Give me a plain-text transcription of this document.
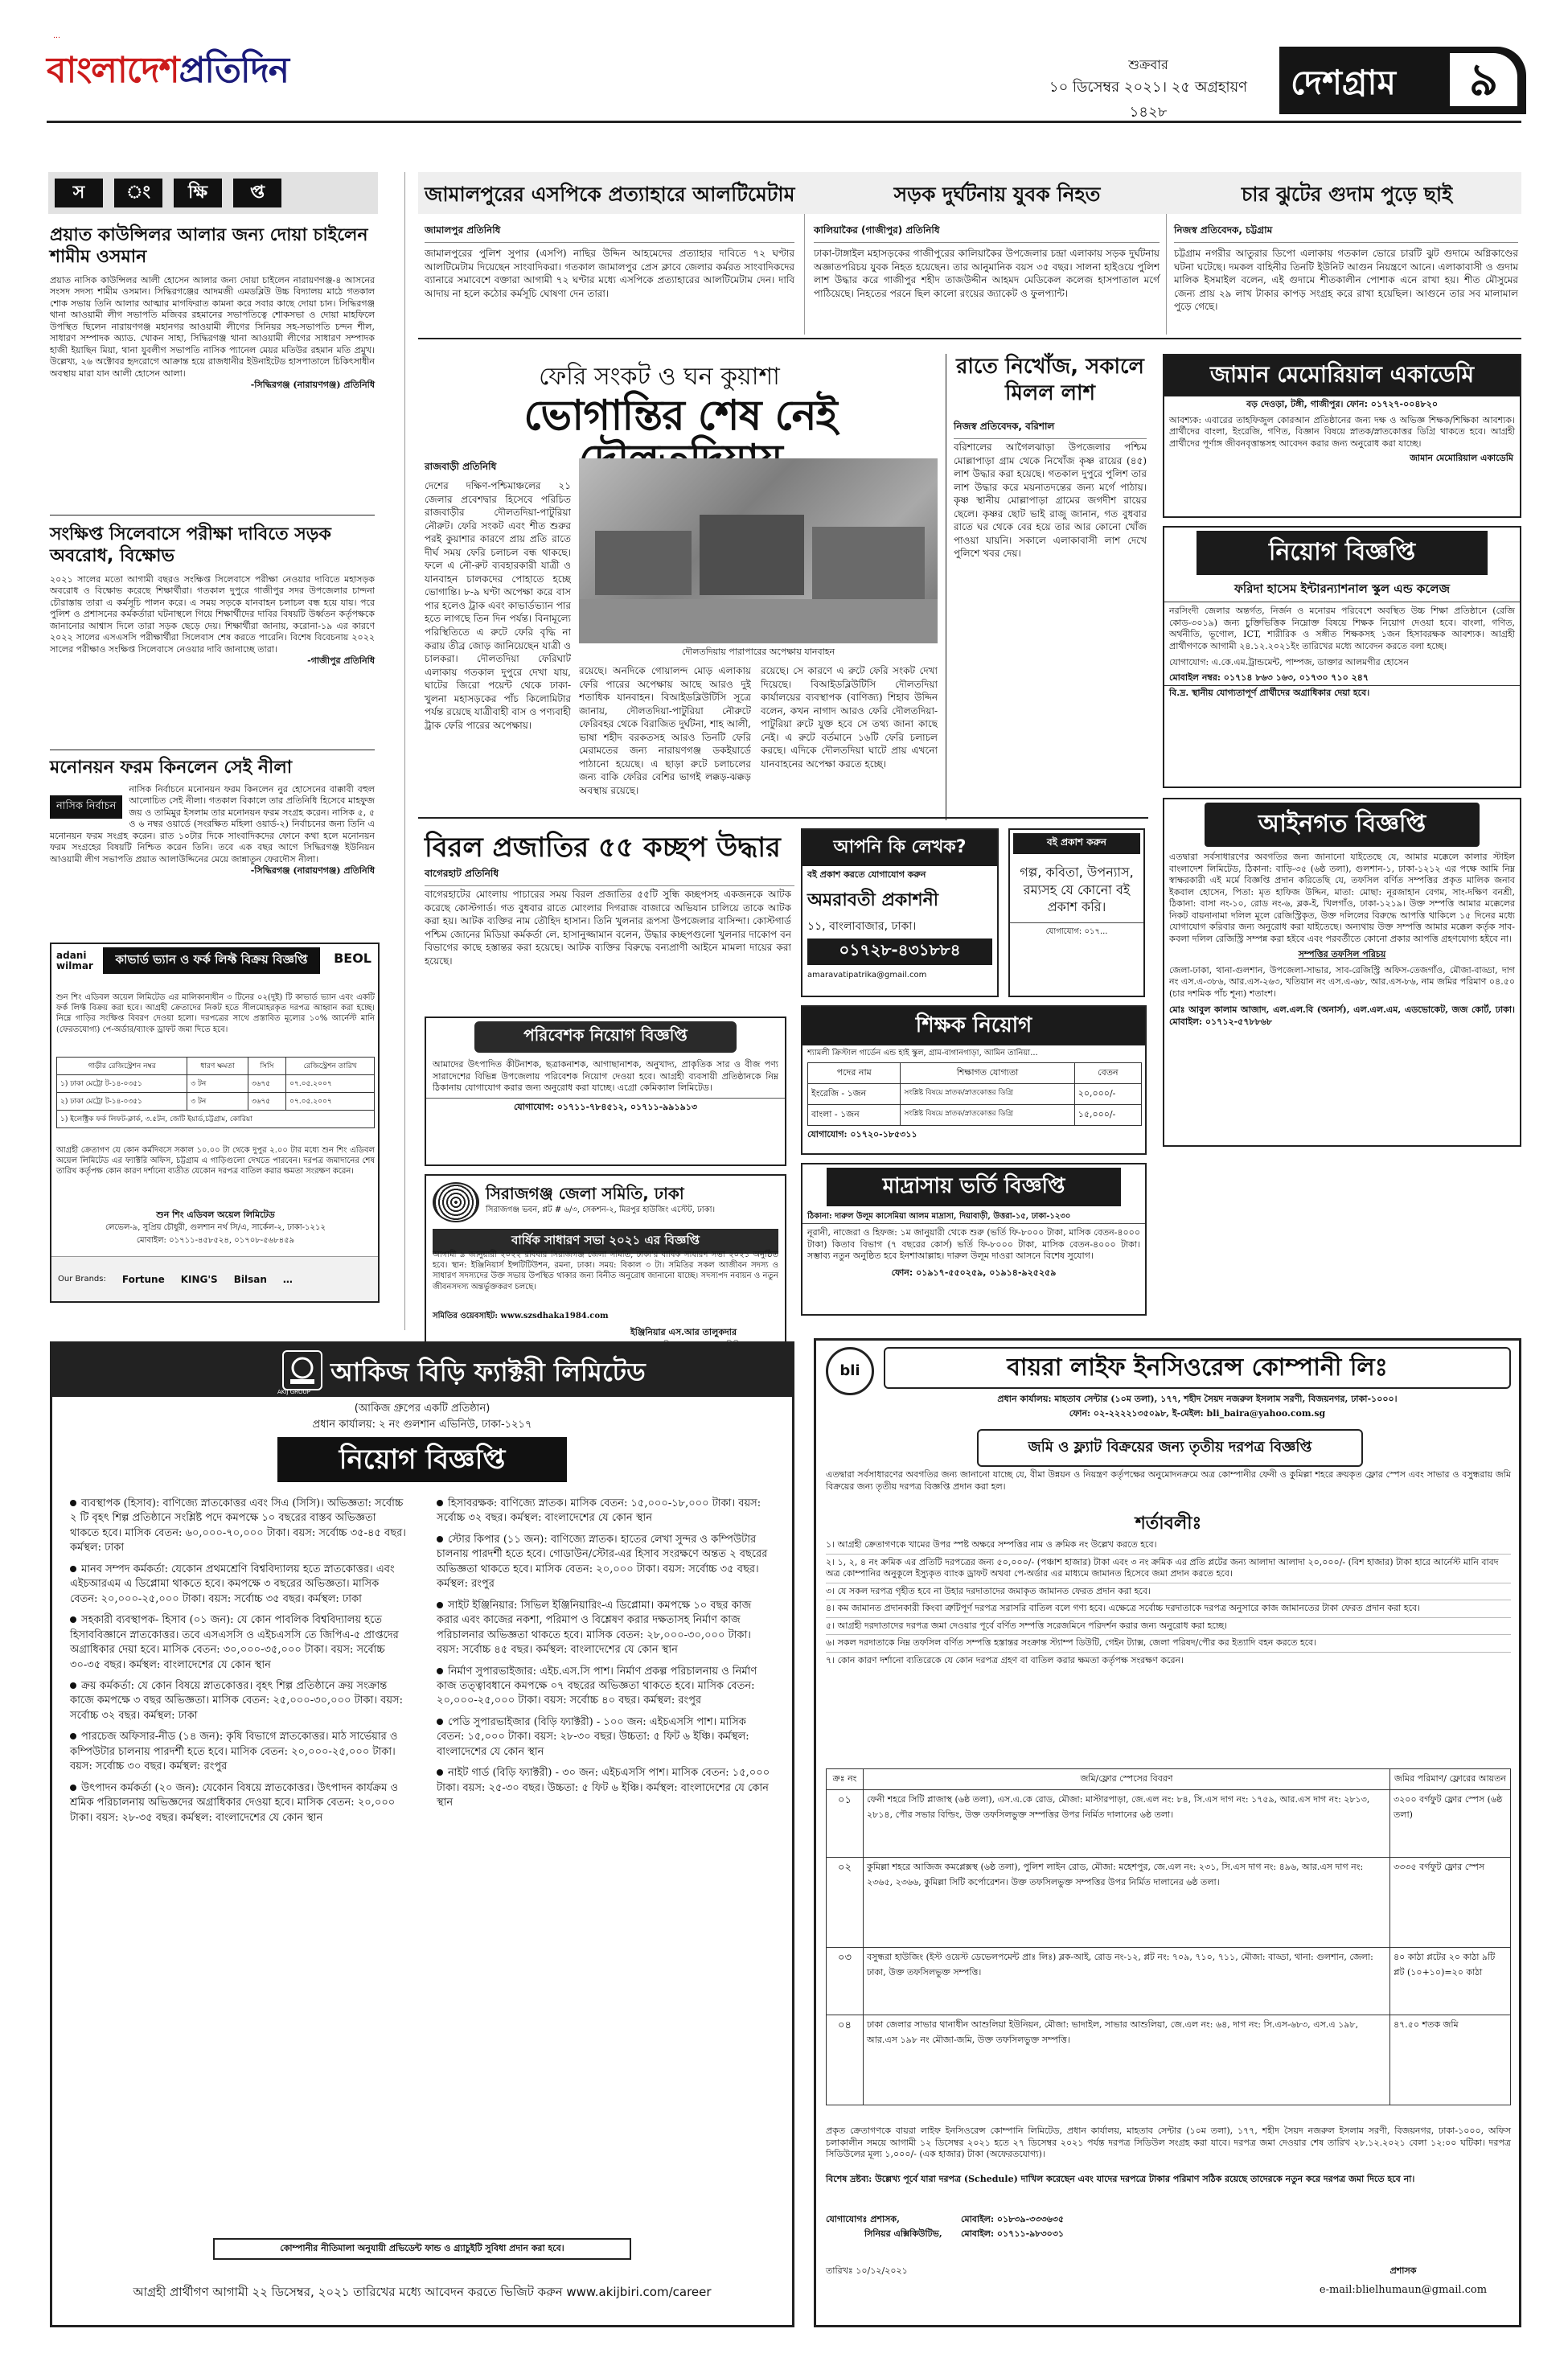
…
বাংলাদেশপ্রতিদিন	শুক্রবার
১০ ডিসেম্বর ২০২১। ২৫ অগ্রহায়ণ ১৪২৮
দেশগ্রাম	৯
স	ং	ক্ষি	প্ত
প্রয়াত কাউন্সিলর আলার জন্য দোয়া চাইলেন শামীম ওসমান
প্রয়াত নাসিক কাউন্সিলর আলী হোসেন আলার জন্য দোয়া চাইলেন নারায়ণগঞ্জ-৪ আসনের সংসদ সদস্য শামীম ওসমান। সিদ্ধিরগঞ্জের আদমজী এমডব্লিউ উচ্চ বিদ্যালয় মাঠে গতকাল শোক সভায় তিনি আলার আত্মার মাগফিরাত কামনা করে সবার কাছে দোয়া চান। সিদ্ধিরগঞ্জ থানা আওয়ামী লীগ সভাপতি মজিবর রহমানের সভাপতিত্বে শোকসভা ও দোয়া মাহফিলে উপস্থিত ছিলেন নারায়ণগঞ্জ মহানগর আওয়ামী লীগের সিনিয়র সহ-সভাপতি চন্দন শীল, সাধারণ সম্পাদক অ্যাড. খোকন সাহা, সিদ্ধিরগঞ্জ থানা আওয়ামী লীগের সাধারণ সম্পাদক হাজী ইয়াছিন মিয়া, থানা যুবলীগ সভাপতি নাসিক প্যানেল মেয়র মতিউর রহমান মতি প্রমুখ। উল্লেখ্য, ২৬ অক্টোবর হৃদরোগে আক্রান্ত হয়ে রাজধানীর ইউনাইটেড হাসপাতালে চিকিৎসাধীন অবস্থায় মারা যান আলী হোসেন আলা।
-সিদ্ধিরগঞ্জ (নারায়ণগঞ্জ) প্রতিনিধি
সংক্ষিপ্ত সিলেবাসে পরীক্ষা দাবিতে সড়ক অবরোধ, বিক্ষোভ
২০২১ সালের মতো আগামী বছরও সংক্ষিপ্ত সিলেবাসে পরীক্ষা নেওয়ার দাবিতে মহাসড়ক অবরোধ ও বিক্ষোভ করেছে শিক্ষার্থীরা। গতকাল দুপুরে গাজীপুর সদর উপজেলার চান্দনা চৌরাস্তায় তারা এ কর্মসূচি পালন করে। এ সময় সড়কে যানবাহন চলাচল বন্ধ হয়ে যায়। পরে পুলিশ ও প্রশাসনের কর্মকর্তারা ঘটনাস্থলে গিয়ে শিক্ষার্থীদের দাবির বিষয়টি উর্ধ্বতন কর্তৃপক্ষকে জানানোর আশ্বাস দিলে তারা সড়ক ছেড়ে দেয়। শিক্ষার্থীরা জানায়, করোনা-১৯ এর কারণে ২০২২ সালের এসএসসি পরীক্ষার্থীরা সিলেবাস শেষ করতে পারেনি। বিশেষ বিবেচনায় ২০২২ সালের পরীক্ষাও সংক্ষিপ্ত সিলেবাসে নেওয়ার দাবি জানাচ্ছে তারা।
-গাজীপুর প্রতিনিধি
মনোনয়ন ফরম কিনলেন সেই নীলা
নাসিক নির্বাচন
নাসিক নির্বাচনে মনোনয়ন ফরম কিনলেন নুর হোসেনের বাক্কাবী বহুল আলোচিত সেই নীলা। গতকাল বিকালে তার প্রতিনিধি হিসেবে মাহফুজ জয় ও তামিমুর ইসলাম তার মনোনয়ন ফরম সংগ্রহ করেন। নাসিক ৫, ৫ ও ৬ নম্বর ওয়ার্ডে (সংরক্ষিত মহিলা ওয়ার্ড-২) নির্বাচনের জন্য তিনি এ মনোনয়ন ফরম সংগ্রহ করেন। রাত ১০টার দিকে সাংবাদিকদের ফোনে কথা হলে মনোনয়ন ফরম সংগ্রহের বিষয়টি নিশ্চিত করেন তিনি। তবে এক বছর আগে সিদ্ধিরগঞ্জ ইউনিয়ন আওয়ামী লীগ সভাপতি প্রয়াত আলাউদ্দিনের মেয়ে জান্নাতুন ফেরদৌস নীলা।
-সিদ্ধিরগঞ্জ (নারায়ণগঞ্জ) প্রতিনিধি
adani wilmar
BEOL
কাভার্ড ভ্যান ও ফর্ক লিফ্ট বিক্রয় বিজ্ঞপ্তি
শুন শিং এডিবল অয়েল লিমিটেড এর মালিকানাধীন ৩ টিনের ০২(দুই) টি কাভার্ড ভ্যান এবং একটি ফর্ক লিফ্ট বিক্রয় করা হবে। আগ্রহী ক্রেতাদের নিকট হতে সীলমোহরকৃত দরপত্র আহ্বান করা হচ্ছে। নিম্নে গাড়ির সংক্ষিপ্ত বিবরণ দেওয়া হলো। দরপত্রের সাথে প্রস্তাবিত মূল্যের ১০% আর্নেস্ট মানি (ফেরতযোগ্য) পে-অর্ডার/ব্যাংক ড্রাফট জমা দিতে হবে।
গাড়ীর রেজিস্ট্রেশন নম্বর	ধারণ ক্ষমতা	সিসি	রেজিস্ট্রেশন তারিখ
১) ঢাকা মেট্রো ট-১৪-০৩৫১	৩ টন	৩৬৭৫	০৭.০৫.২০০৭
২) ঢাকা মেট্রো ট-১৪-০৩৫১	৩ টন	৩৬৭৫	০৭.০৫.২০০৭
১) ইলেক্ট্রিক ফর্ক লিফট-ক্লার্ক, ৩.৫টন, জেটি ইয়ার্ড,চট্টগ্রাম, কোরিয়া			
আগ্রহী ক্রেতাগণ যে কোন কর্মদিবসে সকাল ১০.০০ টা থেকে দুপুর ২.০০ টার মধ্যে শুন শিং এডিবল অয়েল লিমিটেড এর ফ্যাক্টরি অফিস, চট্টগ্রাম এ গাড়িগুলো দেখতে পারবেন। দরপত্র জমাদানের শেষ তারিখ কর্তৃপক্ষ কোন কারণ দর্শানো ব্যতীত যেকোন দরপত্র বাতিল করার ক্ষমতা সংরক্ষণ করেন।
শুন শিং এডিবল অয়েল লিমিটেড
লেভেল-৯, সুপ্রিয় চৌধুরী, গুলশান নর্থ সি/এ, সার্কেল-২, ঢাকা-১২১২
মোবাইল: ০১৭১১-৪৫৮৫২৪, ০১৭০৮-৫৬৮৪৫৯
Our Brands: Fortune KING'S Bilsan …
জামালপুরের এসপিকে প্রত্যাহারে আলটিমেটাম	সড়ক দুর্ঘটনায় যুবক নিহত	চার ঝুটের গুদাম পুড়ে ছাই
জামালপুর প্রতিনিধি
জামালপুরের পুলিশ সুপার (এসপি) নাছির উদ্দিন আহমেদের প্রত্যাহার দাবিতে ৭২ ঘণ্টার আলটিমেটাম দিয়েছেন সাংবাদিকরা। গতকাল জামালপুর প্রেস ক্লাবে জেলার কর্মরত সাংবাদিকদের ব্যানারে সমাবেশে বক্তারা আগামী ৭২ ঘণ্টার মধ্যে এসপিকে প্রত্যাহারের আলটিমেটাম দেন। দাবি আদায় না হলে কঠোর কর্মসূচি ঘোষণা দেন তারা।
কালিয়াকৈর (গাজীপুর) প্রতিনিধি
ঢাকা-টাঙ্গাইল মহাসড়কের গাজীপুরের কালিয়াকৈর উপজেলার চন্দ্রা এলাকায় সড়ক দুর্ঘটনায় অজ্ঞাতপরিচয় যুবক নিহত হয়েছেন। তার আনুমানিক বয়স ৩৫ বছর। সালনা হাইওয়ে পুলিশ লাশ উদ্ধার করে গাজীপুর শহীদ তাজউদ্দীন আহমদ মেডিকেল কলেজ হাসপাতাল মর্গে পাঠিয়েছে। নিহতের পরনে ছিল কালো রংয়ের জ্যাকেট ও ফুলপ্যান্ট।
নিজস্ব প্রতিবেদক, চট্টগ্রাম
চট্টগ্রাম নগরীর আতুরার ডিপো এলাকায় গতকাল ভোরে চারটি ঝুট গুদামে অগ্নিকাণ্ডের ঘটনা ঘটেছে। দমকল বাহিনীর তিনটি ইউনিট আগুন নিয়ন্ত্রণে আনে। এলাকাবাসী ও গুদাম মালিক ইসমাইল বলেন, এই গুদামে শীতকালীন পোশাক এনে রাখা হয়। শীত মৌসুমের জেন্য প্রায় ২৯ লাখ টাকার কাপড় সংগ্রহ করে রাখা হয়েছিল। আগুনে তার সব মালামাল পুড়ে গেছে।
ফেরি সংকট ও ঘন কুয়াশা
ভোগান্তির শেষ নেই
রাজবাড়ী প্রতিনিধি
দৌলতদিয়ায় পারাপারের অপেক্ষায় যানবাহন
দেশের দক্ষিণ-পশ্চিমাঞ্চলের ২১ জেলার প্রবেশদ্বার হিসেবে পরিচিত রাজবাড়ীর দৌলতদিয়া-পাটুরিয়া নৌরুট। ফেরি সংকট এবং শীত শুরুর পরই কুয়াশার কারণে প্রায় প্রতি রাতে দীর্ঘ সময় ফেরি চলাচল বন্ধ থাকছে। ফলে এ নৌ-রুট ব্যবহারকারী যাত্রী ও যানবাহন চালকদের পোহাতে হচ্ছে ভোগান্তি। ৮-৯ ঘণ্টা অপেক্ষা করে বাস পার হলেও ট্রাক এবং কাভার্ডভ্যান পার হতে লাগছে তিন দিন পর্যন্ত। বিনামূল্যে পরিস্থিতিতে এ রুটে ফেরি বৃদ্ধি না করায় তীব্র জোড় জানিয়েছেন যাত্রী ও চালকরা। দৌলতদিয়া ফেরিঘাট এলাকায় গতকাল দুপুরে দেখা যায়, ঘাটের জিরো পয়েন্ট থেকে ঢাকা-খুলনা মহাসড়কের পাঁচ কিলোমিটার পর্যন্ত রয়েছে যাত্রীবাহী বাস ও পণ্যবাহী ট্রাক ফেরি পারের অপেক্ষায়।
রয়েছে। অনদিকে গোয়ালন্দ মোড় এলাকায় ফেরি পারের অপেক্ষায় আছে আরও দুই শতাধিক যানবাহন। বিআইডব্লিউটিসি সূত্রে জানায়, দৌলতদিয়া-পাটুরিয়া নৌরুটে ফেরিবহর থেকে বিরাজিত দুর্ঘটনা, শাহ আলী, ভাষা শহীদ বরকতসহ আরও তিনটি ফেরি মেরামতের জন্য নারায়ণগঞ্জ ডকইয়ার্ডে পাঠানো হয়েছে। এ ছাড়া রুটে চলাচলের জন্য বাকি ফেরির বেশির ভাগই লক্কড়-ঝক্কড় অবস্থায় রয়েছে।
রয়েছে। সে কারণে এ রুটে ফেরি সংকট দেখা দিয়েছে। বিআইডব্লিউটিসি দৌলতদিয়া কার্যালয়ের ব্যবস্থাপক (বাণিজ্য) শিহাব উদ্দিন বলেন, কখন নাগাদ আরও ফেরি দৌলতদিয়া-পাটুরিয়া রুটে যুক্ত হবে সে তথ্য জানা কাছে নেই। এ রুটে বর্তমানে ১৬টি ফেরি চলাচল করছে। এদিকে দৌলতদিয়া ঘাটে প্রায় এখনো যানবাহনের অপেক্ষা করতে হচ্ছে।
রাতে নিখোঁজ, সকালে মিলল লাশ
নিজস্ব প্রতিবেদক, বরিশাল
বরিশালের আগৈলঝাড়া উপজেলার পশ্চিম মোল্লাপাড়া গ্রাম থেকে নিখোঁজ কৃষ্ণ রায়ের (৪৫) লাশ উদ্ধার করা হয়েছে। গতকাল দুপুরে পুলিশ তার লাশ উদ্ধার করে ময়নাতদন্তের জন্য মর্গে পাঠায়। কৃষ্ণ স্থানীয় মোল্লাপাড়া গ্রামের জগদীশ রায়ের ছেলে। কৃষ্ণর ছোট ভাই রাজু জানান, গত বুধবার রাতে ঘর থেকে বের হয়ে তার আর কোনো খোঁজ পাওয়া যায়নি। সকালে এলাকাবাসী লাশ দেখে পুলিশে খবর দেয়।
বিরল প্রজাতির ৫৫ কচ্ছপ উদ্ধার
বাগেরহাট প্রতিনিধি
বাগেরহাটের মোংলায় পাচারের সময় বিরল প্রজাতির ৫৫টি সুন্ধি কচ্ছপসহ একজনকে আটক করেছে কোস্টগার্ড। গত বুধবার রাতে মোংলার দিগরাজ বাজারে অভিযান চালিয়ে তাকে আটক করা হয়। আটক ব্যক্তির নাম তৌহিদ হাসান। তিনি খুলনার রূপসা উপজেলার বাসিন্দা। কোস্টগার্ড পশ্চিম জোনের মিডিয়া কর্মকর্তা লে. হাসানুজ্জামান বলেন, উদ্ধার কচ্ছপগুলো খুলনার দাকোপ বন বিভাগের কাছে হস্তান্তর করা হয়েছে। আটক ব্যক্তির বিরুদ্ধে বন্যপ্রাণী আইনে মামলা দায়ের করা হয়েছে।
আপনি কি লেখক?
বই প্রকাশ করতে যোগাযোগ করুন
অমরাবতী প্রকাশনী
১১, বাংলাবাজার, ঢাকা।
০১৭২৮-৪৩১৮৮৪
amaravatipatrika@gmail.com
বই প্রকাশ করুন
গল্প, কবিতা, উপন্যাস, রম্যসহ যে কোনো বই প্রকাশ করি।
যোগাযোগ: ০১৭...
শিক্ষক নিয়োগ
শ্যামলী ক্রিস্টাল গার্ডেন এন্ড হাই স্কুল, গ্রাম-বাগানগাড়া, আমিন তানিয়া...
পদের নাম	শিক্ষাগত যোগ্যতা	বেতন
ইংরেজি - ১জন	সংশ্লিষ্ট বিষয়ে স্নাতক/স্নাতকোত্তর ডিগ্রি	২০,০০০/-
বাংলা - ১জন	সংশ্লিষ্ট বিষয়ে স্নাতক/স্নাতকোত্তর ডিগ্রি	১৫,০০০/-
যোগাযোগ: ০১৭২০-১৮৫৩১১
পরিবেশক নিয়োগ বিজ্ঞপ্তি
আমাদের উৎপাদিত কীটনাশক, ছত্রাকনাশক, আগাছানাশক, অনুখাদ্য, প্রাকৃতিক সার ও বীজ পণ্য সারাদেশের বিভিন্ন উপজেলায় পরিবেশক নিয়োগ দেওয়া হবে। আগ্রহী ব্যবসায়ী প্রতিষ্ঠানকে নিম্ন ঠিকানায় যোগাযোগ করার জন্য অনুরোধ করা যাচ্ছে। এগ্রো কেমিক্যাল লিমিটেড।
যোগাযোগ: ০১৭১১-৭৮৪৫১২, ০১৭১১-৯৯১৯১৩
সিরাজগঞ্জ জেলা সমিতি, ঢাকা
সিরাজগঞ্জ ভবন, প্লট # ৬/৩, সেকশন-২, মিরপুর হাউজিং এস্টেট, ঢাকা।
বার্ষিক সাধারণ সভা ২০২১ এর বিজ্ঞপ্তি
আগামী ৯ জানুয়ারী ২০২২ রবিবার সিরাজগঞ্জ জেলা সমিতি, ঢাকা'র বার্ষিক সাধারণ সভা ২০২১ অনুষ্ঠিত হবে। স্থান: ইঞ্জিনিয়ার্স ইন্সটিটিউশন, রমনা, ঢাকা। সময়: বিকাল ৩ টা। সমিতির সকল আজীবন সদস্য ও সাধারণ সদস্যদের উক্ত সভায় উপস্থিত থাকার জন্য বিনীত অনুরোধ জানানো যাচ্ছে। সদস্যপদ নবায়ন ও নতুন জীবনসদস্য অন্তর্ভুক্তকরণ চলছে।
সমিতির ওয়েবসাইট: www.szsdhaka1984.com
ইঞ্জিনিয়ার এস.আর তালুকদার
মাদ্রাসায় ভর্তি বিজ্ঞপ্তি
ঠিকানা: দারুল উলূম কাসেমিয়া আলম মাদ্রাসা, দিয়াবাড়ী, উত্তরা-১৫, ঢাকা-১২৩০
নূরানী, নাজেরা ও হিফজ: ১ম জানুয়ারী থেকে শুরু (ভর্তি ফি-৮০০০ টাকা, মাসিক বেতন-৪০০০ টাকা) কিতাব বিভাগ (৭ বছরের কোর্স) ভর্তি ফি-৮০০০ টাকা, মাসিক বেতন-৪০০০ টাকা। সম্ভাব্য নতুন অনুষ্ঠিত হবে ইনশাআল্লাহ। দারুল উলূম দাওরা আসনে বিশেষ সুযোগ।
ফোন: ০১৯১৭-৫৫০২৫৯, ০১৯১৪-৯২৫২৫৯
জামান মেমোরিয়াল একাডেমি
বড় দেওড়া, টঙ্গী, গাজীপুর। ফোন: ০১৭২৭-০০৪৮২০
আবশ্যক: এবারের তাহফিজুল কোরআন প্রতিষ্ঠানের জন্য দক্ষ ও অভিজ্ঞ শিক্ষক/শিক্ষিকা আবশ্যক। প্রার্থীদের বাংলা, ইংরেজি, গণিত, বিজ্ঞান বিষয়ে স্নাতক/স্নাতকোত্তর ডিগ্রি থাকতে হবে। আগ্রহী প্রার্থীদের পূর্ণাঙ্গ জীবনবৃত্তান্তসহ আবেদন করার জন্য অনুরোধ করা যাচ্ছে।
জামান মেমোরিয়াল একাডেমি
নিয়োগ বিজ্ঞপ্তি
ফরিদা হাসেম ইন্টারন্যাশনাল স্কুল এন্ড কলেজ
নরসিংদী জেলার অন্তর্গত, নির্জন ও মনোরম পরিবেশে অবস্থিত উচ্চ শিক্ষা প্রতিষ্ঠানে (রেজি কোড-৩০১৯) জন্য চুক্তিভিত্তিক নিম্নোক্ত বিষয়ে শিক্ষক নিয়োগ দেওয়া হবে। বাংলা, গণিত, অর্থনীতি, ভূগোল, ICT, শারীরিক ও সঙ্গীত শিক্ষকসহ ১জন হিসাবরক্ষক আবশ্যক। আগ্রহী প্রার্থীগণকে আগামী ২৪.১২.২০২১ইং তারিখের মধ্যে আবেদন করতে বলা হচ্ছে।
যোগাযোগ: এ.কে.এম.ট্রান্ডমেন্ট, পাম্পজ, ডাক্তার আলমগীর হোসেন
মোবাইল নম্বর: ০১৭১৪ ৮৬৩ ১৬৩, ০১৭৩০ ৭১০ ২৪৭
বি.দ্র. স্থানীয় যোগ্যতাপূর্ণ প্রার্থীদের অগ্রাধিকার দেয়া হবে।
আইনগত বিজ্ঞপ্তি
এতদ্বারা সর্বসাধারণের অবগতির জন্য জানানো যাইতেছে যে, আমার মক্কেলে কালার স্টাইল বাংলাদেশ লিমিটেড, ঠিকানা: বাড়ি-৩৫ (৬ষ্ঠ তলা), গুলশান-১, ঢাকা-১২১২ এর পক্ষে আমি নিম্ন স্বাক্ষরকারী এই মর্মে বিজ্ঞপ্তি প্রদান করিতেছি যে, তফসিল বর্ণিত সম্পত্তির প্রকৃত মালিক জনাব ইকবাল হোসেন, পিতা: মৃত হাফিজ উদ্দিন, মাতা: মোছা: নূরজাহান বেগম, সাং-দক্ষিণ বনশ্রী, ঠিকানা: বাসা নং-১০, রোড নং-৬, ব্লক-ই, খিলগাঁও, ঢাকা-১২১৯। উক্ত সম্পত্তি আমার মক্কেলের নিকট বায়নানামা দলিল মূলে রেজিস্ট্রিকৃত, উক্ত দলিলের বিরুদ্ধে আপত্তি থাকিলে ১৫ দিনের মধ্যে যোগাযোগ করিবার জন্য অনুরোধ করা যাইতেছে। অন্যথায় উক্ত সম্পত্তি আমার মক্কেল কর্তৃক সাব-কবলা দলিল রেজিস্ট্রি সম্পন্ন করা হইবে এবং পরবর্তীতে কোনো প্রকার আপত্তি গ্রহণযোগ্য হইবে না।
সম্পত্তির তফসিল পরিচয়
জেলা-ঢাকা, থানা-গুলশান, উপজেলা-সাভার, সাব-রেজিস্ট্রি অফিস-তেজগাঁও, মৌজা-বাড্ডা, দাগ নং এস.এ-৩৮৬, আর.এস-২৬৩, খতিয়ান নং এস.এ-৬৮, আর.এস-৮৬, নাম জমির পরিমাণ ০৪.৫০ (চার দশমিক পাঁচ শূন্য) শতাংশ।
মোঃ আবুল কালাম আজাদ, এল.এল.বি (অনার্স), এল.এল.এম, এডভোকেট, জজ কোর্ট, ঢাকা। মোবাইল: ০১৭১২-৫৭৮৮৬৮
AKIJ GROUP
আকিজ বিড়ি ফ্যাক্টরী লিমিটেড
(আকিজ গ্রুপের একটি প্রতিষ্ঠান)
প্রধান কার্যালয়: ২ নং গুলশান এভিনিউ, ঢাকা-১২১৭
নিয়োগ বিজ্ঞপ্তি
ব্যবস্থাপক (হিসাব): বাণিজ্যে স্নাতকোত্তর এবং সিএ (সিসি)। অভিজ্ঞতা: সর্বোচ্চ ২ টি বৃহৎ শিল্প প্রতিষ্ঠানে সংশ্লিষ্ট পদে কমপক্ষে ১০ বছরের বাস্তব অভিজ্ঞতা থাকতে হবে। মাসিক বেতন: ৬০,০০০-৭০,০০০ টাকা। বয়স: সর্বোচ্চ ৩৫-৪৫ বছর। কর্মস্থল: ঢাকা
মানব সম্পদ কর্মকর্তা: যেকোন প্রথমশ্রেণি বিশ্ববিদ্যালয় হতে স্নাতকোত্তর। এবং এইচআরএম এ ডিপ্লোমা থাকতে হবে। কমপক্ষে ৩ বছরের অভিজ্ঞতা। মাসিক বেতন: ২০,০০০-২৫,০০০ টাকা। বয়স: সর্বোচ্চ ৩৫ বছর। কর্মস্থল: ঢাকা
সহকারী ব্যবস্থাপক- হিসাব (০১ জন): যে কোন পাবলিক বিশ্ববিদ্যালয় হতে হিসাববিজ্ঞানে স্নাতকোত্তর। তবে এসএসসি ও এইচএসসি তে জিপিএ-৫ প্রাপ্তদের অগ্রাধিকার দেয়া হবে। মাসিক বেতন: ৩০,০০০-৩৫,০০০ টাকা। বয়স: সর্বোচ্চ ৩০-৩৫ বছর। কর্মস্থল: বাংলাদেশের যে কোন স্থান
ক্রয় কর্মকর্তা: যে কোন বিষয়ে স্নাতকোত্তর। বৃহৎ শিল্প প্রতিষ্ঠানে ক্রয় সংক্রান্ত কাজে কমপক্ষে ৩ বছর অভিজ্ঞতা। মাসিক বেতন: ২৫,০০০-৩০,০০০ টাকা। বয়স: সর্বোচ্চ ৩২ বছর। কর্মস্থল: ঢাকা
পারচেজ অফিসার-নীড (১৪ জন): কৃষি বিভাগে স্নাতকোত্তর। মাঠ সার্ভেয়ার ও কম্পিউটার চালনায় পারদর্শী হতে হবে। মাসিক বেতন: ২০,০০০-২৫,০০০ টাকা। বয়স: সর্বোচ্চ ৩০ বছর। কর্মস্থল: রংপুর
উৎপাদন কর্মকর্তা (২০ জন): যেকোন বিষয়ে স্নাতকোত্তর। উৎপাদন কার্যক্রম ও শ্রমিক পরিচালনায় অভিজ্ঞদের অগ্রাধিকার দেওয়া হবে। মাসিক বেতন: ২০,০০০ টাকা। বয়স: ২৮-৩৫ বছর। কর্মস্থল: বাংলাদেশের যে কোন স্থান
হিসাবরক্ষক: বাণিজ্যে স্নাতক। মাসিক বেতন: ১৫,০০০-১৮,০০০ টাকা। বয়স: সর্বোচ্চ ৩২ বছর। কর্মস্থল: বাংলাদেশের যে কোন স্থান
স্টোর কিপার (১১ জন): বাণিজ্যে স্নাতক। হাতের লেখা সুন্দর ও কম্পিউটার চালনায় পারদর্শী হতে হবে। গোডাউন/স্টোর-এর হিসাব সংরক্ষণে অন্তত ২ বছরের অভিজ্ঞতা থাকতে হবে। মাসিক বেতন: ২০,০০০ টাকা। বয়স: সর্বোচ্চ ৩৫ বছর। কর্মস্থল: রংপুর
সাইট ইঞ্জিনিয়ার: সিভিল ইঞ্জিনিয়ারিং-এ ডিপ্লোমা। কমপক্ষে ১০ বছর কাজ করার এবং কাজের নকশা, পরিমাপ ও বিশ্লেষণ করার দক্ষতাসহ নির্মাণ কাজ পরিচালনার অভিজ্ঞতা থাকতে হবে। মাসিক বেতন: ২৮,০০০-৩০,০০০ টাকা। বয়স: সর্বোচ্চ ৪৫ বছর। কর্মস্থল: বাংলাদেশের যে কোন স্থান
নির্মাণ সুপারভাইজার: এইচ.এস.সি পাশ। নির্মাণ প্রকল্প পরিচালনায় ও নির্মাণ কাজ তত্ত্বাবধানে কমপক্ষে ০৭ বছরের অভিজ্ঞতা থাকতে হবে। মাসিক বেতন: ২০,০০০-২৫,০০০ টাকা। বয়স: সর্বোচ্চ ৪০ বছর। কর্মস্থল: রংপুর
পেডি সুপারভাইজার (বিড়ি ফ্যাক্টরী) - ১০০ জন: এইচএসসি পাশ। মাসিক বেতন: ১৫,০০০ টাকা। বয়স: ২৮-৩০ বছর। উচ্চতা: ৫ ফিট ৬ ইঞ্চি। কর্মস্থল: বাংলাদেশের যে কোন স্থান
নাইট গার্ড (বিড়ি ফ্যাক্টরী) - ৩০ জন: এইচএসসি পাশ। মাসিক বেতন: ১৫,০০০ টাকা। বয়স: ২৫-৩০ বছর। উচ্চতা: ৫ ফিট ৬ ইঞ্চি। কর্মস্থল: বাংলাদেশের যে কোন স্থান
কোম্পানীর নীতিমালা অনুযায়ী প্রভিডেন্ট ফান্ড ও গ্র্যাচুইটি সুবিধা প্রদান করা হবে।
আগ্রহী প্রার্থীগণ আগামী ২২ ডিসেম্বর, ২০২১ তারিখের মধ্যে আবেদন করতে ভিজিট করুন www.akijbiri.com/career
bli	বায়রা লাইফ ইনসিওরেন্স কোম্পানী লিঃ
প্রধান কার্যালয়: মাহতাব সেন্টার (১০ম তলা), ১৭৭, শহীদ সৈয়দ নজরুল ইসলাম সরণী, বিজয়নগর, ঢাকা-১০০০।
ফোন: ০২-২২২২১৩৫০৯৮, ই-মেইল: bli_baira@yahoo.com.sg
জমি ও ফ্ল্যাট বিক্রয়ের জন্য তৃতীয় দরপত্র বিজ্ঞপ্তি
এতদ্বারা সর্বসাধারণের অবগতির জন্য জানানো যাচ্ছে যে, বীমা উন্নয়ন ও নিয়ন্ত্রণ কর্তৃপক্ষের অনুমোদনক্রমে অত্র কোম্পানীর ফেনী ও কুমিল্লা শহরে ক্রয়কৃত ফ্লোর স্পেস এবং সাভার ও বসুন্ধরায় জমি বিক্রয়ের জন্য তৃতীয় দরপত্র বিজ্ঞপ্তি প্রদান করা হল।
শর্তাবলীঃ
১। আগ্রহী ক্রেতাগণকে খামের উপর স্পষ্ট অক্ষরে সম্পত্তির নাম ও ক্রমিক নং উল্লেখ করতে হবে।
২। ১, ২, ৪ নং ক্রমিক এর প্রতিটি দরপত্রের জন্য ৫০,০০০/- (পঞ্চাশ হাজার) টাকা এবং ৩ নং ক্রমিক এর প্রতি প্লটের জন্য আলাদা আলাদা ২০,০০০/- (বিশ হাজার) টাকা হারে আর্নেস্ট মানি বাবদ অত্র কোম্পানির অনুকূলে ইস্যুকৃত ব্যাংক ড্রাফট অথবা পে-অর্ডার এর মাধ্যমে জামানত হিসেবে জমা প্রদান করতে হবে।
৩। যে সকল দরপত্র গৃহীত হবে না উহার দরদাতাদের জমাকৃত জামানত ফেরত প্রদান করা হবে।
৪। কম জামানত প্রদানকারী কিংবা ত্রুটিপূর্ণ দরপত্র সরাসরি বাতিল বলে গণ্য হবে। এক্ষেত্রে সর্বোচ্চ দরদাতাকে দরপত্র অনুসারে কাজ জামানতের টাকা ফেরত প্রদান করা হবে।
৫। আগ্রহী দরদাতাদের দরপত্র জমা দেওয়ার পূর্বে বর্ণিত সম্পত্তি সরেজমিনে পরিদর্শন করার জন্য অনুরোধ করা হচ্ছে।
৬। সকল দরদাতাকে নিম্ন তফসিল বর্ণিত সম্পত্তি হস্তান্তর সংক্রান্ত স্ট্যাম্প ডিউটি, গেইন ট্যাক্স, জেলা পরিষদ/পৌর কর ইত্যাদি বহন করতে হবে।
৭। কোন কারণ দর্শানো ব্যতিরেকে যে কোন দরপত্র গ্রহণ বা বাতিল করার ক্ষমতা কর্তৃপক্ষ সংরক্ষণ করেন।
ক্রঃ নং	জমি/ফ্লোর স্পেসের বিবরণ	জমির পরিমাণ/ ফ্লোরের আয়তন
০১	ফেনী শহরে সিটি প্লাজাস্থ (৬ষ্ঠ তলা), এস.এ.কে রোড, মৌজা: মাস্টারপাড়া, জে.এল নং: ৮৪, সি.এস দাগ নং: ১৭৫৯, আর.এস দাগ নং: ২৮১৩, ২৮১৪, পৌর সভার বিল্ডিং, উক্ত তফসিলভুক্ত সম্পত্তির উপর নির্মিত দালানের ৬ষ্ঠ তলা।	৩২০০ বর্গফুট ফ্লোর স্পেস (৬ষ্ঠ তলা)
০২	কুমিল্লা শহরে আজিজ কমপ্লেক্সস্থ (৬ষ্ঠ তলা), পুলিশ লাইন রোড, মৌজা: মহেশপুর, জে.এল নং: ২৩১, সি.এস দাগ নং: ৪৯৬, আর.এস দাগ নং: ২৩৬৫, ২৩৬৬, কুমিল্লা সিটি কর্পোরেশন। উক্ত তফসিলভুক্ত সম্পত্তির উপর নির্মিত দালানের ৬ষ্ঠ তলা।	৩৩৩৫ বর্গফুট ফ্লোর স্পেস
০৩	বসুন্ধরা হাউজিং (ইস্ট ওয়েস্ট ডেভেলপমেন্ট প্রাঃ লিঃ) ব্লক-আই, রোড নং-১২, প্লট নং: ৭০৯, ৭১০, ৭১১, মৌজা: বাড্ডা, থানা: গুলশান, জেলা: ঢাকা, উক্ত তফসিলভুক্ত সম্পত্তি।	৪০ কাঠা প্লটের ২০ কাঠা ৯টি প্লট (১০+১০)=২০ কাঠা
০৪	ঢাকা জেলার সাভার থানাধীন আশুলিয়া ইউনিয়ন, মৌজা: ভাদাইল, সাভার আশুলিয়া, জে.এল নং: ৬৪, দাগ নং: সি.এস-৬৮৩, এস.এ ১৯৮, আর.এস ১৯৮ নং মৌজা-জমি, উক্ত তফসিলভুক্ত সম্পত্তি।	৪৭.৫০ শতক জমি
প্রকৃত ক্রেতাগণকে বায়রা লাইফ ইনসিওরেন্স কোম্পানি লিমিটেড, প্রধান কার্যালয়, মাহতাব সেন্টার (১০ম তলা), ১৭৭, শহীদ সৈয়দ নজরুল ইসলাম সরণী, বিজয়নগর, ঢাকা-১০০০, অফিস চলাকালীন সময়ে আগামী ১২ ডিসেম্বর ২০২১ হতে ২৭ ডিসেম্বর ২০২১ পর্যন্ত দরপত্র সিডিউল সংগ্রহ করা যাবে। দরপত্র জমা দেওয়ার শেষ তারিখ ২৮.১২.২০২১ বেলা ১২:০০ ঘটিকা। দরপত্র সিডিউলের মূল্য ১,০০০/- (এক হাজার) টাকা (অফেরতযোগ্য)।
বিশেষ দ্রষ্টব্য: উল্লেখ্য পূর্বে যারা দরপত্র (Schedule) দাখিল করেছেন এবং যাদের দরপত্রে টাকার পরিমাণ সঠিক রয়েছে তাদেরকে নতুন করে দরপত্র জমা দিতে হবে না।
যোগাযোগঃ প্রশাসক,	মোবাইল: ০১৮৩৯-৩৩৩৬৩৫
সিনিয়র এক্সিকিউটিভ, মোবাইল: ০১৭১১-৯৮৩০৩১
তারিখঃ ১০/১২/২০২১	প্রশাসক
e-mail:blielhumaun@gmail.com
